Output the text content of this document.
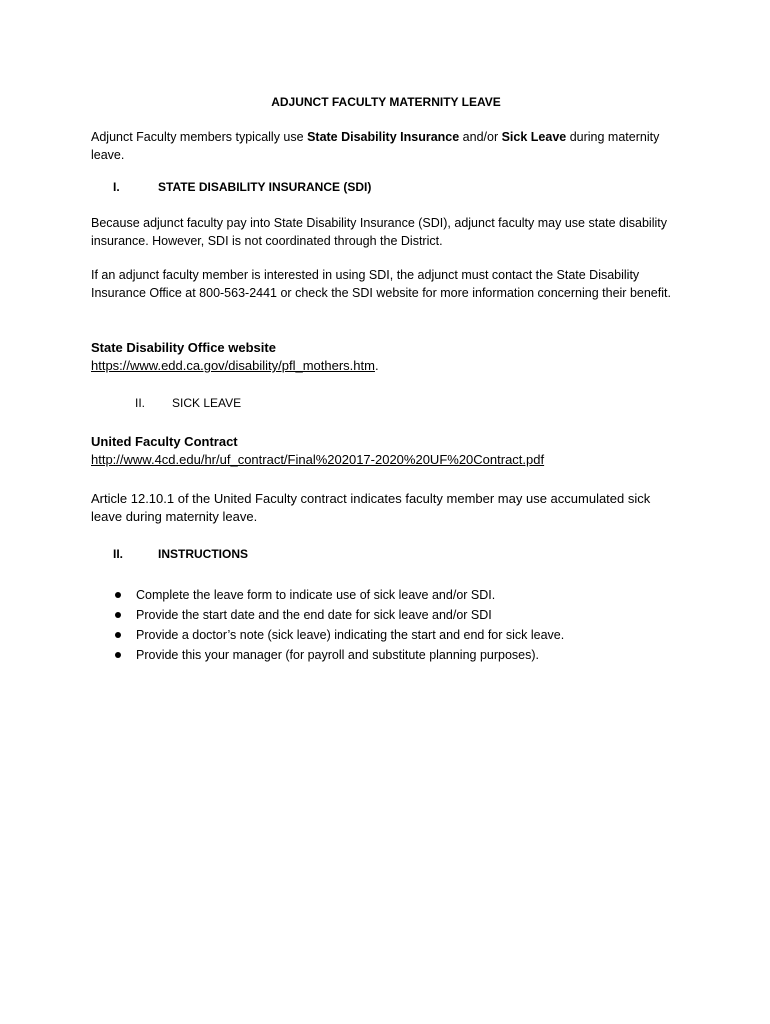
ADJUNCT FACULTY MATERNITY LEAVE

Adjunct Faculty members typically use State Disability Insurance and/or Sick Leave during maternity leave.

I.	STATE DISABILITY INSURANCE (SDI)

Because adjunct faculty pay into State Disability Insurance (SDI), adjunct faculty may use state disability insurance. However, SDI is not coordinated through the District.

If an adjunct faculty member is interested in using SDI, the adjunct must contact the State Disability Insurance Office at 800-563-2441 or check the SDI website for more information concerning their benefit.

State Disability Office website

https://www.edd.ca.gov/disability/pfl_mothers.htm.

II. SICK LEAVE

United Faculty Contract

http://www.4cd.edu/hr/uf_contract/Final%202017-2020%20UF%20Contract.pdf

Article 12.10.1 of the United Faculty contract indicates faculty member may use accumulated sick leave during maternity leave.

II.	INSTRUCTIONS
Complete the leave form to indicate use of sick leave and/or SDI.
Provide the start date and the end date for sick leave and/or SDI
Provide a doctor’s note (sick leave) indicating the start and end for sick leave.
Provide this your manager (for payroll and substitute planning purposes).
